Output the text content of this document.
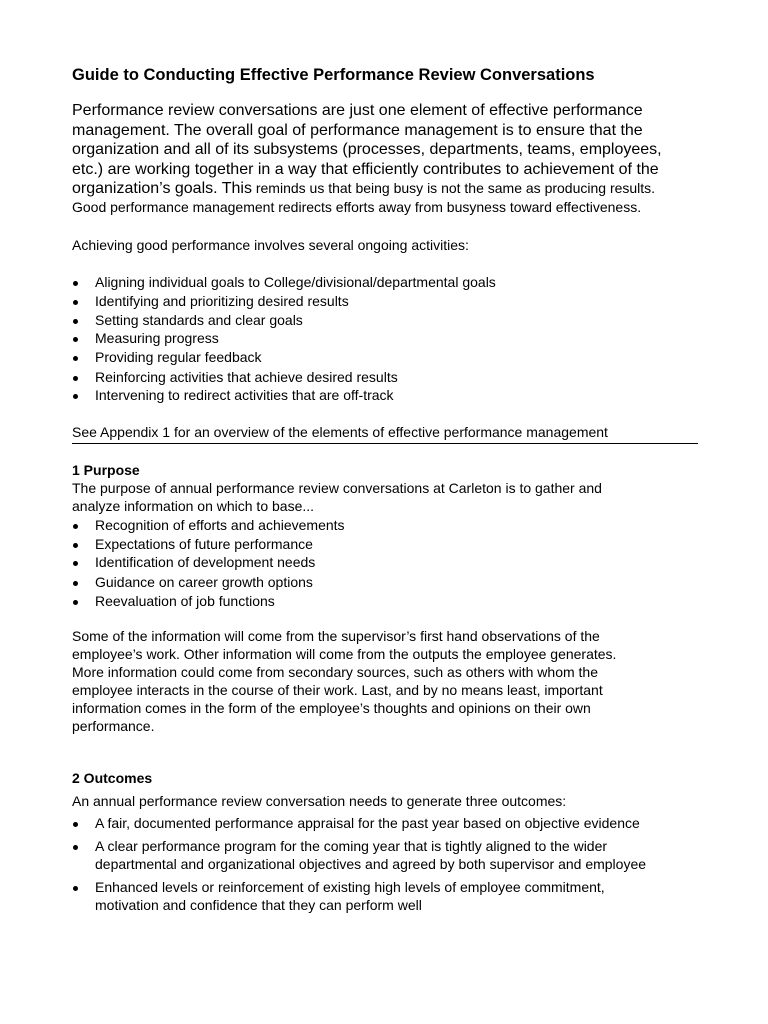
Guide to Conducting Effective Performance Review Conversations
Performance review conversations are just one element of effective performance
management. The overall goal of performance management is to ensure that the
organization and all of its subsystems (processes, departments, teams, employees,
etc.) are working together in a way that efficiently contributes to achievement of the
organization’s goals. This reminds us that being busy is not the same as producing results.
Good performance management redirects efforts away from busyness toward effectiveness.
Achieving good performance involves several ongoing activities:
Aligning individual goals to College/divisional/departmental goals
Identifying and prioritizing desired results
Setting standards and clear goals
Measuring progress
Providing regular feedback
Reinforcing activities that achieve desired results
Intervening to redirect activities that are off-track
See Appendix 1 for an overview of the elements of effective performance management
1 Purpose
The purpose of annual performance review conversations at Carleton is to gather and
analyze information on which to base...
Recognition of efforts and achievements
Expectations of future performance
Identification of development needs
Guidance on career growth options
Reevaluation of job functions
Some of the information will come from the supervisor’s first hand observations of the
employee’s work. Other information will come from the outputs the employee generates.
More information could come from secondary sources, such as others with whom the
employee interacts in the course of their work. Last, and by no means least, important
information comes in the form of the employee’s thoughts and opinions on their own
performance.
2 Outcomes
An annual performance review conversation needs to generate three outcomes:
A fair, documented performance appraisal for the past year based on objective evidence
A clear performance program for the coming year that is tightly aligned to the wider
departmental and organizational objectives and agreed by both supervisor and employee
Enhanced levels or reinforcement of existing high levels of employee commitment,
motivation and confidence that they can perform well
